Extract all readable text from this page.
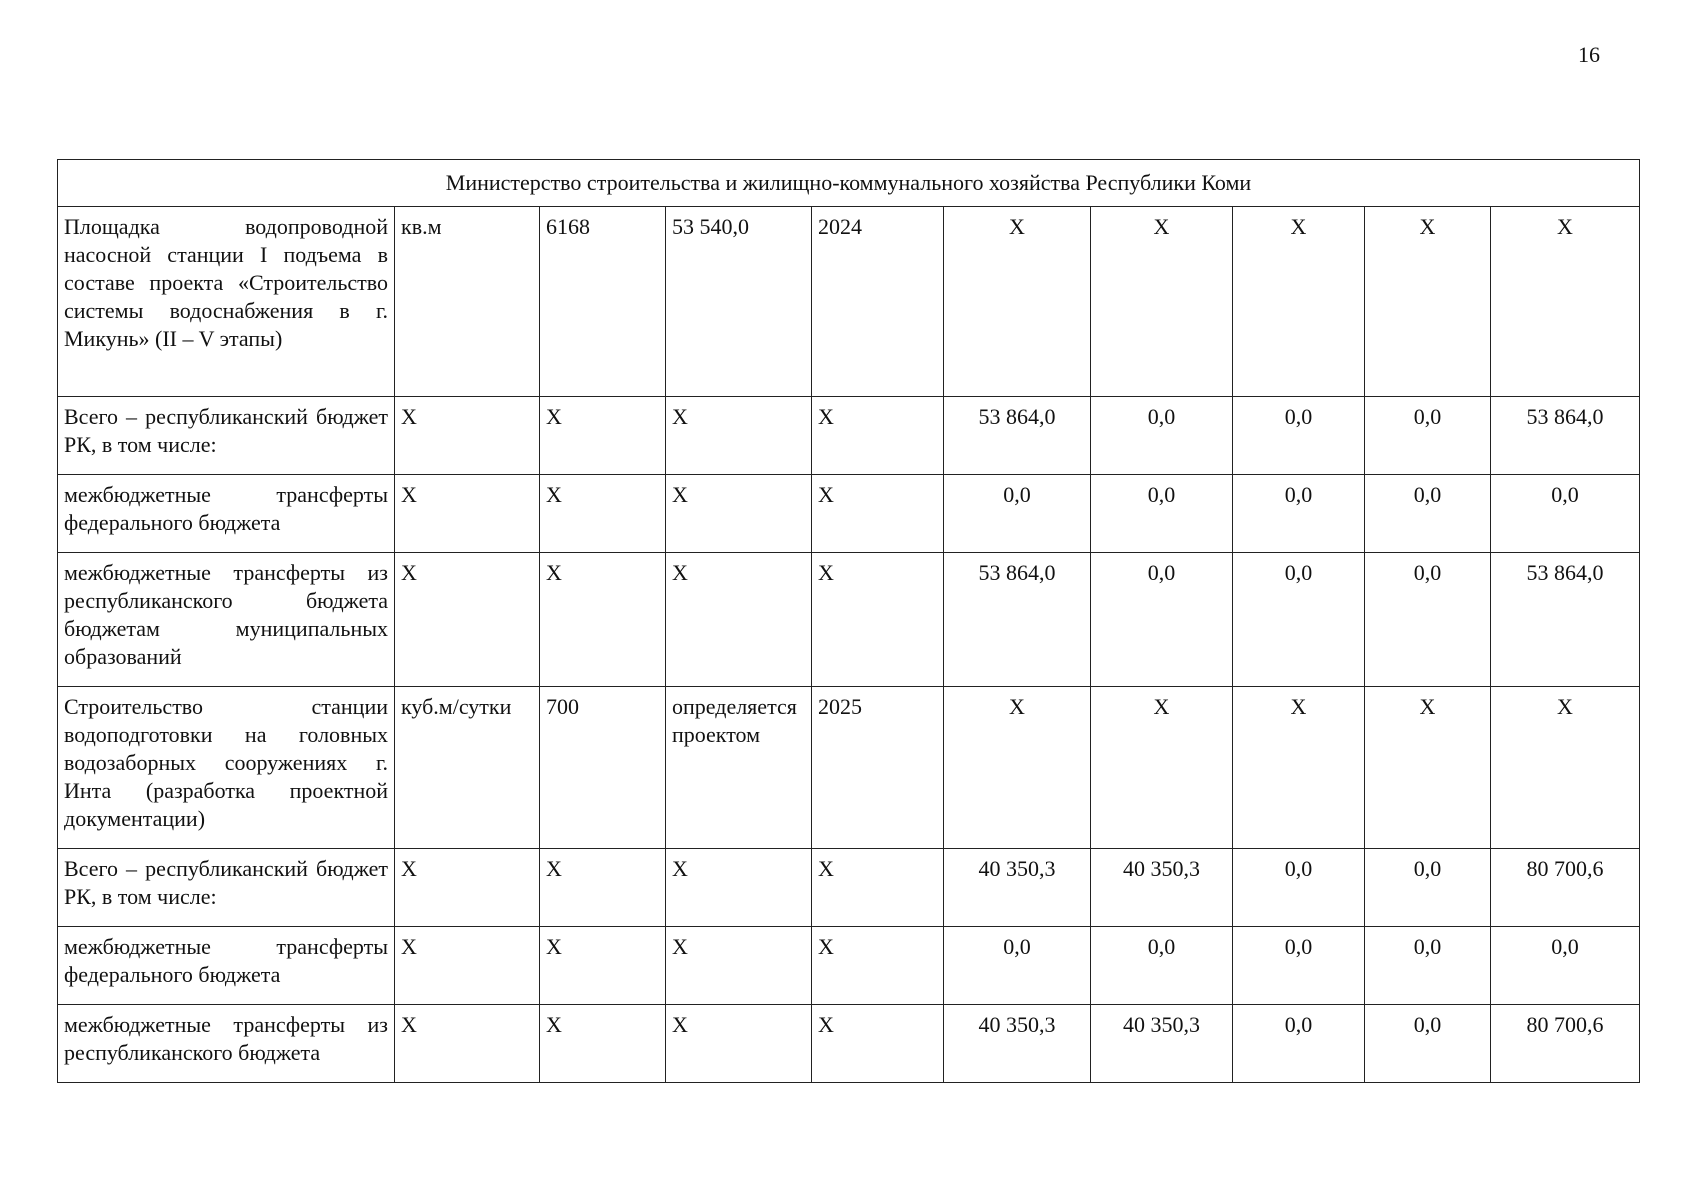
16
Министерство строительства и жилищно-коммунального хозяйства Республики Коми									
Площадка водопроводной насосной станции I подъема в составе проекта «Строительство системы водоснабжения в г. Микунь» (II – V этапы)	кв.м	6168	53 540,0	2024	X	X	X	X	X
Всего – республиканский бюджет РК, в том числе:	X	X	X	X	53 864,0	0,0	0,0	0,0	53 864,0
межбюджетные трансферты федерального бюджета	X	X	X	X	0,0	0,0	0,0	0,0	0,0
межбюджетные трансферты из республиканского бюджета бюджетам муниципальных образований	X	X	X	X	53 864,0	0,0	0,0	0,0	53 864,0
Строительство станции водоподготовки на головных водозаборных сооружениях г. Инта (разработка проектной документации)	куб.м/сутки	700	определяется проектом	2025	X	X	X	X	X
Всего – республиканский бюджет РК, в том числе:	X	X	X	X	40 350,3	40 350,3	0,0	0,0	80 700,6
межбюджетные трансферты федерального бюджета	X	X	X	X	0,0	0,0	0,0	0,0	0,0
межбюджетные трансферты из республиканского бюджета	X	X	X	X	40 350,3	40 350,3	0,0	0,0	80 700,6
